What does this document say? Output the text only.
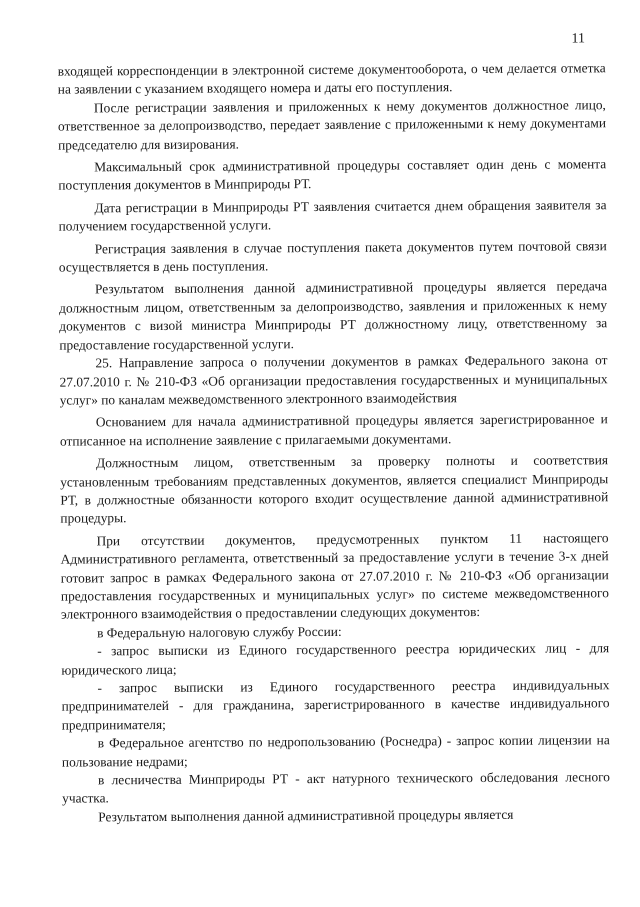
11

входящей корреспонденции в электронной системе документооборота, о чем делается отметка на заявлении с указанием входящего номера и даты его поступления.

После регистрации заявления и приложенных к нему документов должностное лицо, ответственное за делопроизводство, передает заявление с приложенными к нему документами председателю для визирования.

Максимальный срок административной процедуры составляет один день с момента поступления документов в Минприроды РТ.

Дата регистрации в Минприроды РТ заявления считается днем обращения заявителя за получением государственной услуги.

Регистрация заявления в случае поступления пакета документов путем почтовой связи осуществляется в день поступления.

Результатом выполнения данной административной процедуры является передача должностным лицом, ответственным за делопроизводство, заявления и приложенных к нему документов с визой министра Минприроды РТ должностному лицу, ответственному за предоставление государственной услуги.

25. Направление запроса о получении документов в рамках Федерального закона от 27.07.2010 г. № 210-ФЗ «Об организации предоставления государственных и муниципальных услуг» по каналам межведомственного электронного взаимодействия

Основанием для начала административной процедуры является зарегистрированное и отписанное на исполнение заявление с прилагаемыми документами.

Должностным лицом, ответственным за проверку полноты и соответствия установленным требованиям представленных документов, является специалист Минприроды РТ, в должностные обязанности которого входит осуществление данной административной процедуры.

При отсутствии документов, предусмотренных пунктом 11 настоящего Административного регламента, ответственный за предоставление услуги в течение 3-х дней готовит запрос в рамках Федерального закона от 27.07.2010 г. № 210-ФЗ «Об организации предоставления государственных и муниципальных услуг» по системе межведомственного электронного взаимодействия о предоставлении следующих документов:

в Федеральную налоговую службу России:

- запрос выписки из Единого государственного реестра юридических лиц - для юридического лица;

- запрос выписки из Единого государственного реестра индивидуальных предпринимателей - для гражданина, зарегистрированного в качестве индивидуального предпринимателя;

в Федеральное агентство по недропользованию (Роснедра) - запрос копии лицензии на пользование недрами;

в лесничества Минприроды РТ - акт натурного технического обследования лесного участка.

Результатом выполнения данной административной процедуры является
